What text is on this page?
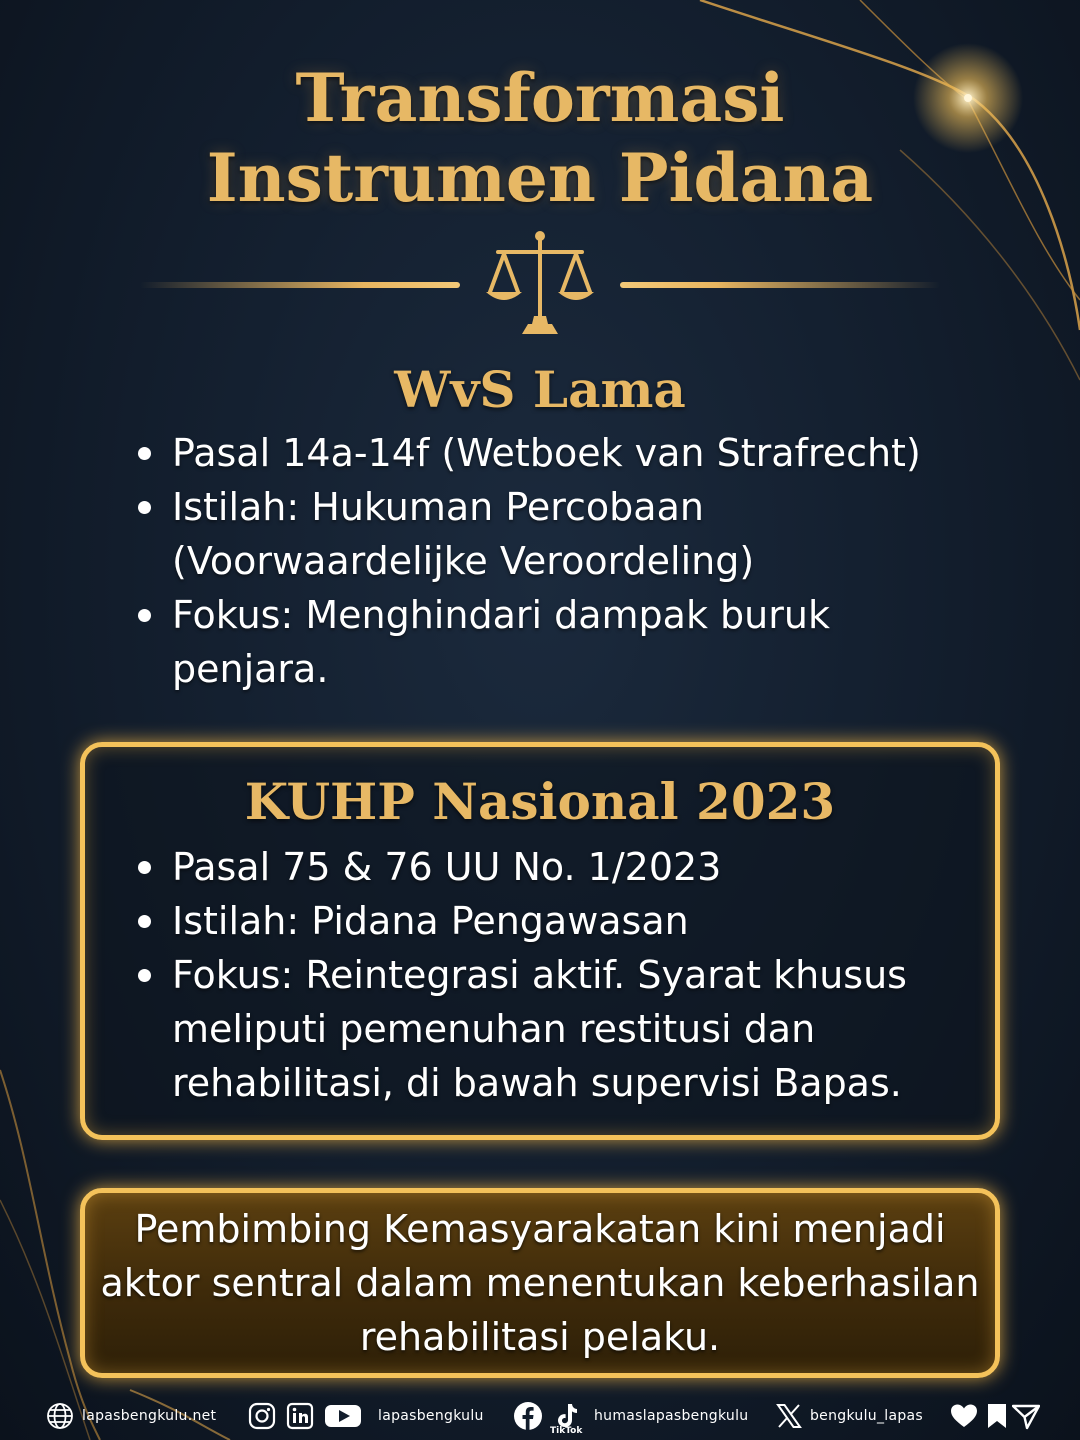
Transformasi
Instrumen Pidana
WvS Lama
Pasal 14a-14f (Wetboek van Strafrecht)
Istilah: Hukuman Percobaan (Voorwaardelijke Veroordeling)
Fokus: Menghindari dampak buruk penjara.
KUHP Nasional 2023
Pasal 75 & 76 UU No. 1/2023
Istilah: Pidana Pengawasan
Fokus: Reintegrasi aktif. Syarat khusus meliputi pemenuhan restitusi dan rehabilitasi, di bawah supervisi Bapas.
Pembimbing Kemasyarakatan kini menjadi aktor sentral dalam menentukan keberhasilan rehabilitasi pelaku.
lapasbengkulu.net	lapasbengkulu
TikTok
humaslapasbengkulu	bengkulu_lapas
